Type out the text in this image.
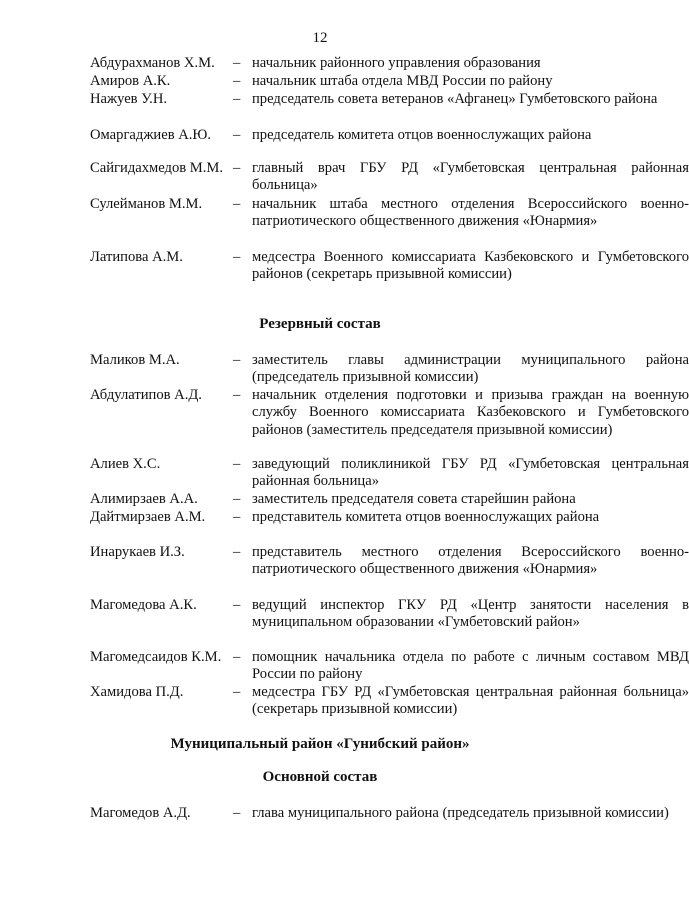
12
Абдурахманов Х.М. – начальник районного управления образования
Амиров А.К.	– начальник штаба отдела МВД России по району
Нажуев У.Н.	– председатель совета ветеранов «Афганец» Гумбетовского района
Омаргаджиев А.Ю. – председатель комитета отцов военнослужащих района
Сайгидахмедов М.М. – главный врач ГБУ РД «Гумбетовская центральная районная больница»
Сулейманов М.М. – начальник штаба местного отделения Всероссийского военно-патриотического общественного движения «Юнармия»
Латипова А.М.	– медсестра Военного комиссариата Казбековского и Гумбетовского районов (секретарь призывной комиссии)
Резервный состав
Маликов М.А.	– заместитель главы администрации муниципального района (председатель призывной комиссии)
Абдулатипов А.Д. – начальник отделения подготовки и призыва граждан на военную службу Военного комиссариата Казбековского и Гумбетовского районов (заместитель председателя призывной комиссии)
Алиев Х.С.	– заведующий поликлиникой ГБУ РД «Гумбетовская центральная районная больница»
Алимирзаев А.А. – заместитель председателя совета старейшин района
Дайтмирзаев А.М. – представитель комитета отцов военнослужащих района
Инарукаев И.З.	– представитель местного отделения Всероссийского военно-патриотического общественного движения «Юнармия»
Магомедова А.К. – ведущий инспектор ГКУ РД «Центр занятости населения в муниципальном образовании «Гумбетовский район»
Магомедсаидов К.М. – помощник начальника отдела по работе с личным составом МВД России по району
Хамидова П.Д.	– медсестра ГБУ РД «Гумбетовская центральная районная больница» (секретарь призывной комиссии)
Муниципальный район «Гунибский район»
Основной состав
Магомедов А.Д.	– глава муниципального района (председатель призывной комиссии)
